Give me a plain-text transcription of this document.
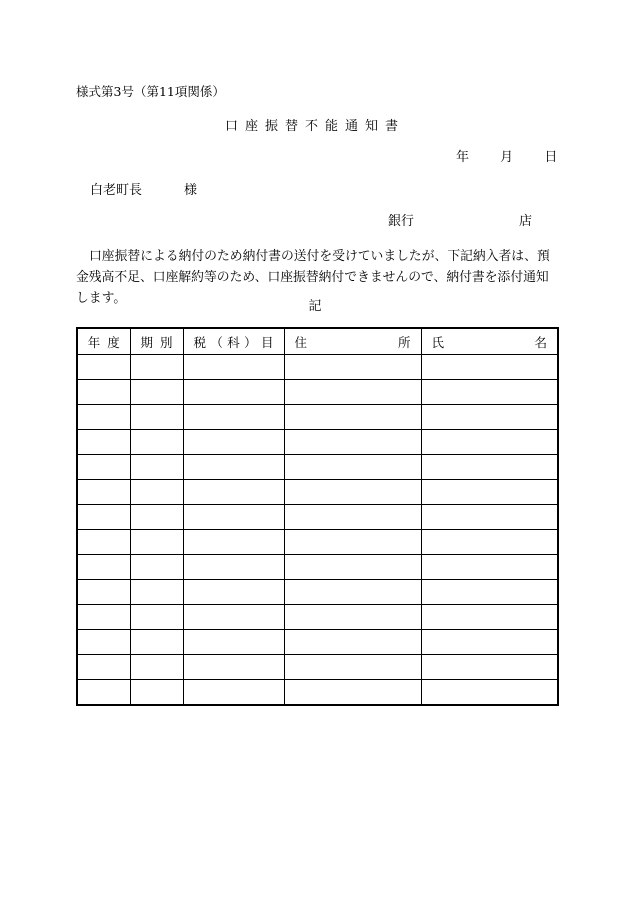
様式第3号（第11項関係）
口座振替不能通知書
年 月 日
白老町長	様
銀行	店
口座振替による納付のため納付書の送付を受けていましたが、下記納入者は、預金残高不足、口座解約等のため、口座振替納付できませんので、納付書を添付通知します。
記
年 度	期 別	税 （ 科 ） 目	住 所	氏 名
